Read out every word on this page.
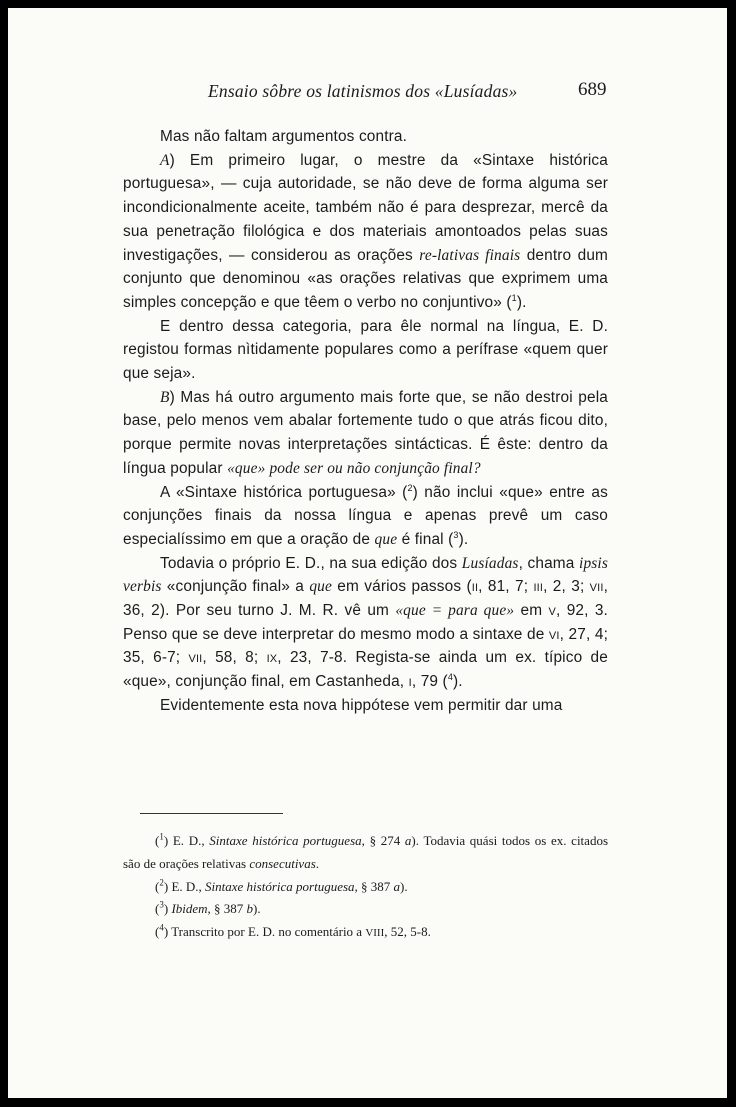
Ensaio sôbre os latinismos dos «Lusíadas»	689

Mas não faltam argumentos contra.

A) Em primeiro lugar, o mestre da «Sintaxe histórica portuguesa», — cuja autoridade, se não deve de forma alguma ser incondicionalmente aceite, também não é para desprezar, mercê da sua penetração filológica e dos materiais amontoados pelas suas investigações, — considerou as orações re-lativas finais dentro dum conjunto que denominou «as orações relativas que exprimem uma simples concepção e que têem o verbo no conjuntivo» ($^1$).

E dentro dessa categoria, para êle normal na língua, E. D. registou formas nìtidamente populares como a perífrase «quem quer que seja».

B) Mas há outro argumento mais forte que, se não destroi pela base, pelo menos vem abalar fortemente tudo o que atrás ficou dito, porque permite novas interpretações sintácticas. É êste: dentro da língua popular «que» pode ser ou não conjunção final?

A «Sintaxe histórica portuguesa» ($^2$) não inclui «que» entre as conjunções finais da nossa língua e apenas prevê um caso especialíssimo em que a oração de que é final ($^3$).

Todavia o próprio E. D., na sua edição dos Lusíadas, chama ipsis verbis «conjunção final» a que em vários passos (ii, 81, 7; iii, 2, 3; vii, 36, 2). Por seu turno J. M. R. vê um «que = para que» em v, 92, 3. Penso que se deve interpretar do mesmo modo a sintaxe de vi, 27, 4; 35, 6-7; vii, 58, 8; ix, 23, 7-8. Regista-se ainda um ex. típico de «que», conjunção final, em Castanheda, i, 79 ($^4$).

Evidentemente esta nova hippótese vem permitir dar uma

($^1$) E. D., Sintaxe histórica portuguesa, § 274 a). Todavia quási todos os ex. citados são de orações relativas consecutivas.

($^2$) E. D., Sintaxe histórica portuguesa, § 387 a).

($^3$) Ibidem, § 387 b).

($^4$) Transcrito por E. D. no comentário a viii, 52, 5-8.
